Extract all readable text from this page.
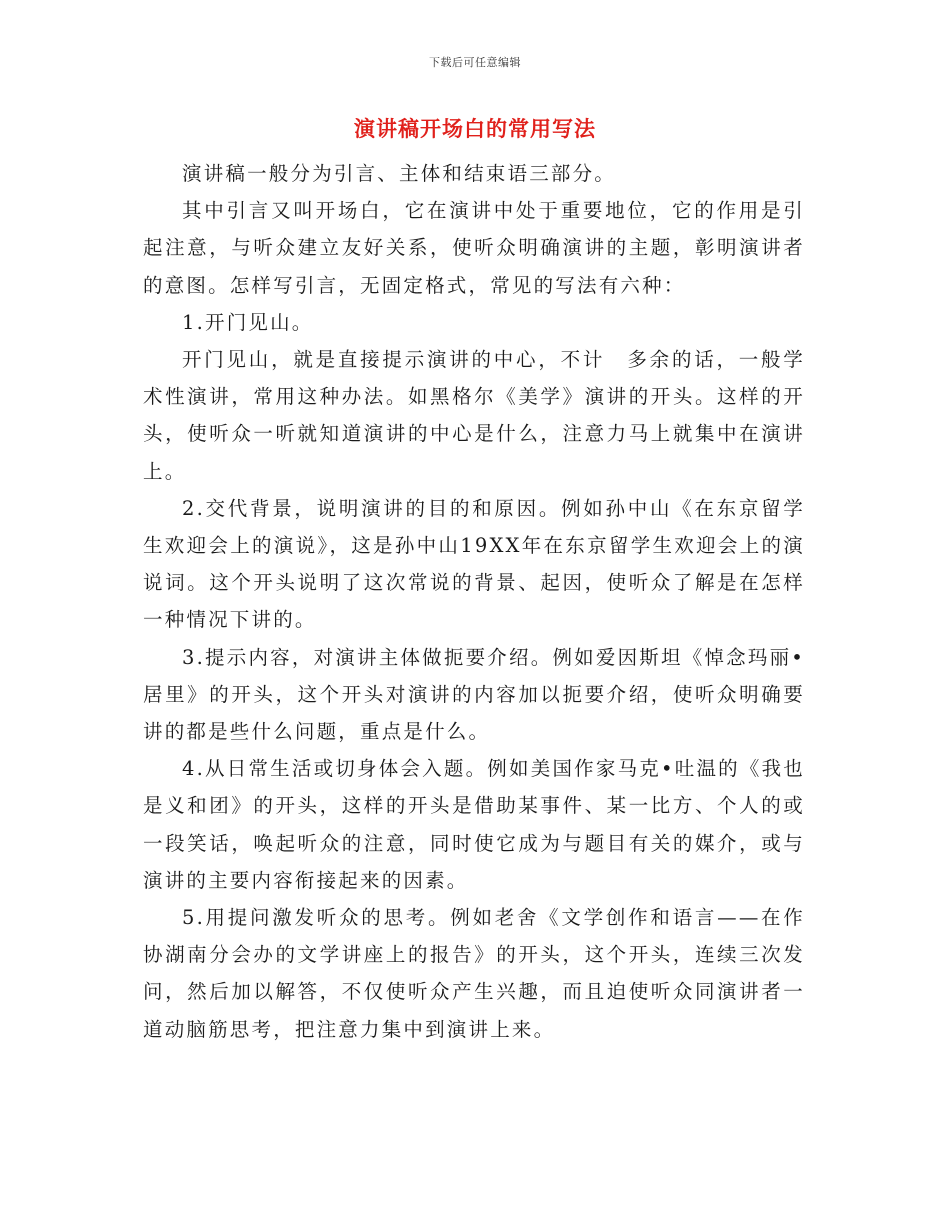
下载后可任意编辑
演讲稿开场白的常用写法

演讲稿一般分为引言、主体和结束语三部分。

其中引言又叫开场白，它在演讲中处于重要地位，它的作用是引起注意，与听众建立友好关系，使听众明确演讲的主题，彰明演讲者的意图。怎样写引言，无固定格式，常见的写法有六种：

1.开门见山。

开门见山，就是直接提示演讲的中心，不计　多余的话，一般学术性演讲，常用这种办法。如黑格尔《美学》演讲的开头。这样的开头，使听众一听就知道演讲的中心是什么，注意力马上就集中在演讲上。

2.交代背景，说明演讲的目的和原因。例如孙中山《在东京留学生欢迎会上的演说》，这是孙中山19XX年在东京留学生欢迎会上的演说词。这个开头说明了这次常说的背景、起因，使听众了解是在怎样一种情况下讲的。

3.提示内容，对演讲主体做扼要介绍。例如爱因斯坦《悼念玛丽•居里》的开头，这个开头对演讲的内容加以扼要介绍，使听众明确要讲的都是些什么问题，重点是什么。

4.从日常生活或切身体会入题。例如美国作家马克•吐温的《我也是义和团》的开头，这样的开头是借助某事件、某一比方、个人的或一段笑话，唤起听众的注意，同时使它成为与题目有关的媒介，或与演讲的主要内容衔接起来的因素。

5.用提问激发听众的思考。例如老舍《文学创作和语言——在作协湖南分会办的文学讲座上的报告》的开头，这个开头，连续三次发问，然后加以解答，不仅使听众产生兴趣，而且迫使听众同演讲者一道动脑筋思考，把注意力集中到演讲上来。
